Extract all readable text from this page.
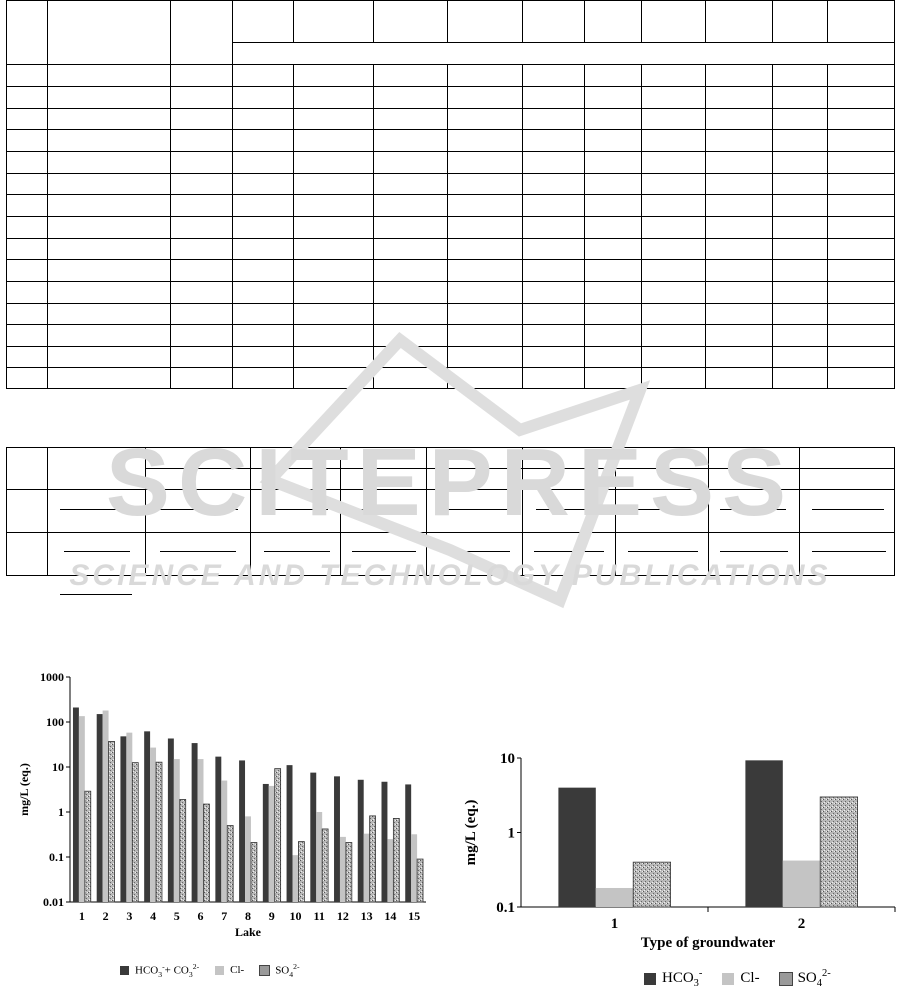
SCITEPRESS
SCIENCE AND TECHNOLOGY PUBLICATIONS
0.01
0.1
1
10
100
1000
1 2 3 4 5 6 7 8 9 10 11 12 13 14 15
Lake
mg/L (eq.)
0.1
1
10
1	2
Type of groundwater
mg/L (eq.)
$HCO_3^-+ CO_3^{2-}$	Cl-	$SO_4^{2-}$
$HCO_3^-$	Cl-	$SO_4^{2-}$
